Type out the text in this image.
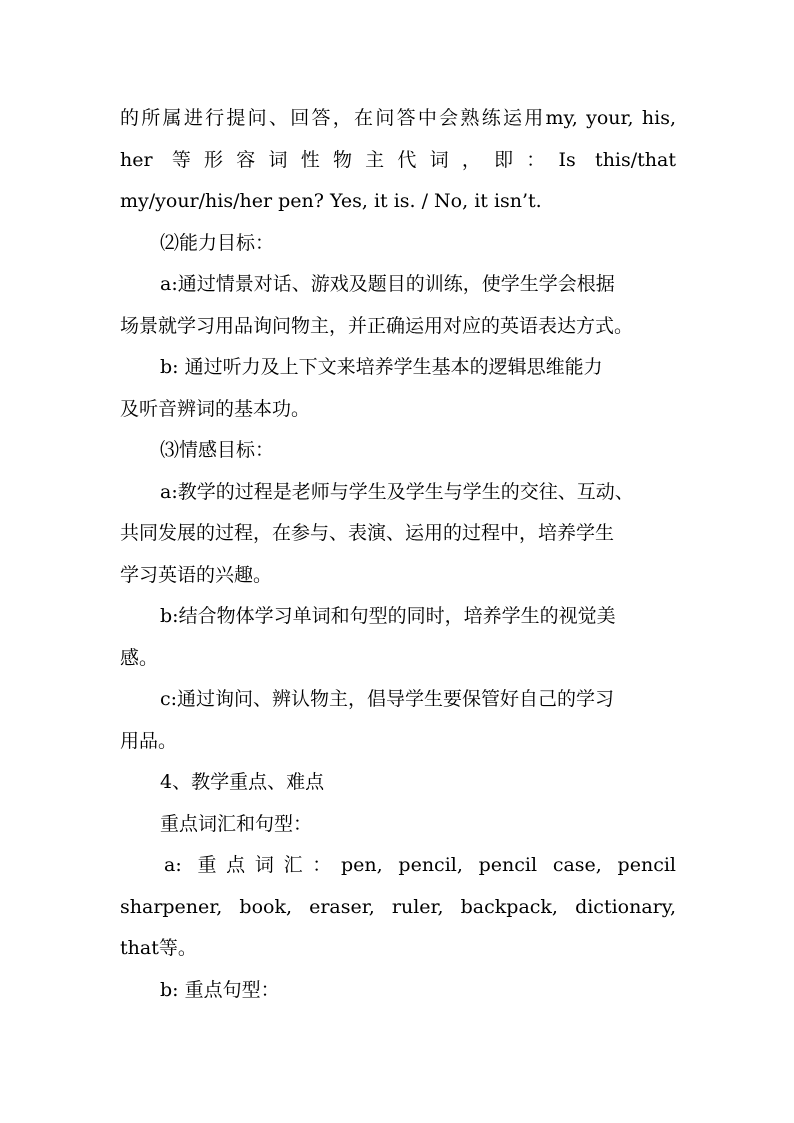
的所属进行提问、回答，在问答中会熟练运用my, your, his,
her 等形容词性物主代词，即：Is this/that
my/your/his/her pen? Yes, it is. / No, it isn’t.
⑵能力目标：
a:通过情景对话、游戏及题目的训练，使学生学会根据
场景就学习用品询问物主，并正确运用对应的英语表达方式。
b: 通过听力及上下文来培养学生基本的逻辑思维能力
及听音辨词的基本功。
⑶情感目标：
a:教学的过程是老师与学生及学生与学生的交往、互动、
共同发展的过程，在参与、表演、运用的过程中，培养学生
学习英语的兴趣。
b:结合物体学习单词和句型的同时，培养学生的视觉美
感。
c:通过询问、辨认物主，倡导学生要保管好自己的学习
用品。
4、教学重点、难点
重点词汇和句型：
a: 重点词汇：pen, pencil, pencil case, pencil
sharpener, book, eraser, ruler, backpack, dictionary,
that等。
b: 重点句型：
